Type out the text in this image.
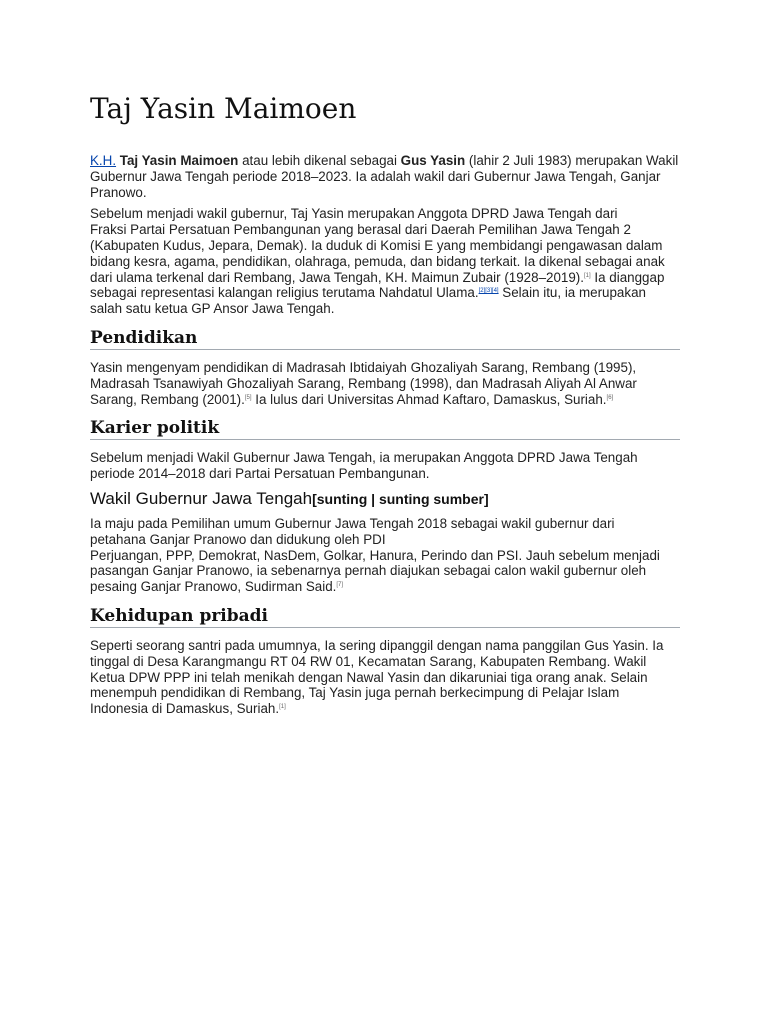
Taj Yasin Maimoen

K.H. Taj Yasin Maimoen atau lebih dikenal sebagai Gus Yasin (lahir 2 Juli 1983) merupakan Wakil Gubernur Jawa Tengah periode 2018–2023. Ia adalah wakil dari Gubernur Jawa Tengah, Ganjar Pranowo.

Sebelum menjadi wakil gubernur, Taj Yasin merupakan Anggota DPRD Jawa Tengah dari
Fraksi Partai Persatuan Pembangunan yang berasal dari Daerah Pemilihan Jawa Tengah 2 (Kabupaten Kudus, Jepara, Demak). Ia duduk di Komisi E yang membidangi pengawasan dalam bidang kesra, agama, pendidikan, olahraga, pemuda, dan bidang terkait. Ia dikenal sebagai anak dari ulama terkenal dari Rembang, Jawa Tengah, KH. Maimun Zubair (1928–2019).[1] Ia dianggap sebagai representasi kalangan religius terutama Nahdatul Ulama.[2][3][4] Selain itu, ia merupakan salah satu ketua GP Ansor Jawa Tengah.

Pendidikan

Yasin mengenyam pendidikan di Madrasah Ibtidaiyah Ghozaliyah Sarang, Rembang (1995), Madrasah Tsanawiyah Ghozaliyah Sarang, Rembang (1998), dan Madrasah Aliyah Al Anwar Sarang, Rembang (2001).[5] Ia lulus dari Universitas Ahmad Kaftaro, Damaskus, Suriah.[6]

Karier politik

Sebelum menjadi Wakil Gubernur Jawa Tengah, ia merupakan Anggota DPRD Jawa Tengah periode 2014–2018 dari Partai Persatuan Pembangunan.

Wakil Gubernur Jawa Tengah[sunting | sunting sumber]

Ia maju pada Pemilihan umum Gubernur Jawa Tengah 2018 sebagai wakil gubernur dari
petahana Ganjar Pranowo dan didukung oleh PDI
Perjuangan, PPP, Demokrat, NasDem, Golkar, Hanura, Perindo dan PSI. Jauh sebelum menjadi pasangan Ganjar Pranowo, ia sebenarnya pernah diajukan sebagai calon wakil gubernur oleh pesaing Ganjar Pranowo, Sudirman Said.[7]

Kehidupan pribadi

Seperti seorang santri pada umumnya, Ia sering dipanggil dengan nama panggilan Gus Yasin. Ia tinggal di Desa Karangmangu RT 04 RW 01, Kecamatan Sarang, Kabupaten Rembang. Wakil Ketua DPW PPP ini telah menikah dengan Nawal Yasin dan dikaruniai tiga orang anak. Selain menempuh pendidikan di Rembang, Taj Yasin juga pernah berkecimpung di Pelajar Islam
Indonesia di Damaskus, Suriah.[1]
